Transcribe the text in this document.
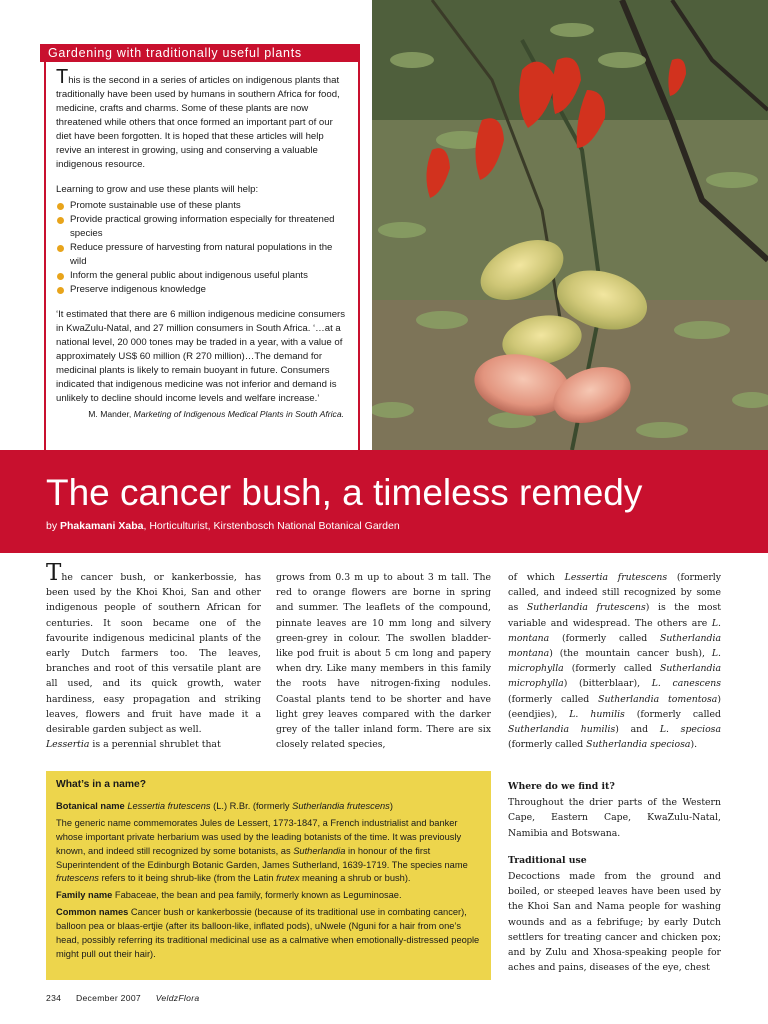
Gardening with traditionally useful plants

This is the second in a series of articles on indigenous plants that traditionally have been used by humans in southern Africa for food, medicine, crafts and charms. Some of these plants are now threatened while others that once formed an important part of our diet have been forgotten. It is hoped that these articles will help revive an interest in growing, using and conserving a valuable indigenous resource.

Learning to grow and use these plants will help:

Promote sustainable use of these plants
Provide practical growing information especially for threatened species
Reduce pressure of harvesting from natural populations in the wild
Inform the general public about indigenous useful plants
Preserve indigenous knowledge

‘It estimated that there are 6 million indigenous medicine consumers in KwaZulu-Natal, and 27 million consumers in South Africa. ‘…at a national level, 20 000 tones may be traded in a year, with a value of approximately US$ 60 million (R 270 million)…The demand for medicinal plants is likely to remain buoyant in future. Consumers indicated that indigenous medicine was not inferior and demand is unlikely to decline should income levels and welfare increase.’

M. Mander, Marketing of Indigenous Medical Plants in South Africa.

The cancer bush, a timeless remedy
by Phakamani Xaba, Horticulturist, Kirstenbosch National Botanical Garden

The cancer bush, or kankerbossie, has been used by the Khoi Khoi, San and other indigenous people of southern African for centuries. It soon became one of the favourite indigenous medicinal plants of the early Dutch farmers too. The leaves, branches and root of this versatile plant are all used, and its quick growth, water hardiness, easy propagation and striking leaves, flowers and fruit have made it a desirable garden subject as well.

Lessertia is a perennial shrublet that

grows from 0.3 m up to about 3 m tall. The red to orange flowers are borne in spring and summer. The leaflets of the compound, pinnate leaves are 10 mm long and silvery green-grey in colour. The swollen bladder-like pod fruit is about 5 cm long and papery when dry. Like many members in this family the roots have nitrogen-fixing nodules. Coastal plants tend to be shorter and have light grey leaves compared with the darker grey of the taller inland form. There are six closely related species,

of which Lessertia frutescens (formerly called, and indeed still recognized by some as Sutherlandia frutescens) is the most variable and widespread. The others are L. montana (formerly called Sutherlandia montana) (the mountain cancer bush), L. microphylla (formerly called Sutherlandia microphylla) (bitterblaar), L. canescens (formerly called Sutherlandia tomentosa) (eendjies), L. humilis (formerly called Sutherlandia humilis) and L. speciosa (formerly called Sutherlandia speciosa).

Where do we find it?

Throughout the drier parts of the Western Cape, Eastern Cape, KwaZulu-Natal, Namibia and Botswana.

Traditional use

Decoctions made from the ground and boiled, or steeped leaves have been used by the Khoi San and Nama people for washing wounds and as a febrifuge; by early Dutch settlers for treating cancer and chicken pox; and by Zulu and Xhosa-speaking people for aches and pains, diseases of the eye, chest

What’s in a name?

Botanical name Lessertia frutescens (L.) R.Br. (formerly Sutherlandia frutescens)

The generic name commemorates Jules de Lessert, 1773-1847, a French industrialist and banker whose important private herbarium was used by the leading botanists of the time. It was previously known, and indeed still recognized by some botanists, as Sutherlandia in honour of the first Superintendent of the Edinburgh Botanic Garden, James Sutherland, 1639-1719. The species name frutescens refers to it being shrub-like (from the Latin frutex meaning a shrub or bush).

Family name Fabaceae, the bean and pea family, formerly known as Leguminosae.

Common names Cancer bush or kankerbossie (because of its traditional use in combating cancer), balloon pea or blaas-ertjie (after its balloon-like, inflated pods), uNwele (Nguni for a hair from one’s head, possibly referring its traditional medicinal use as a calmative when emotionally-distressed people might pull out their hair).

234 December 2007 VeldzFlora
